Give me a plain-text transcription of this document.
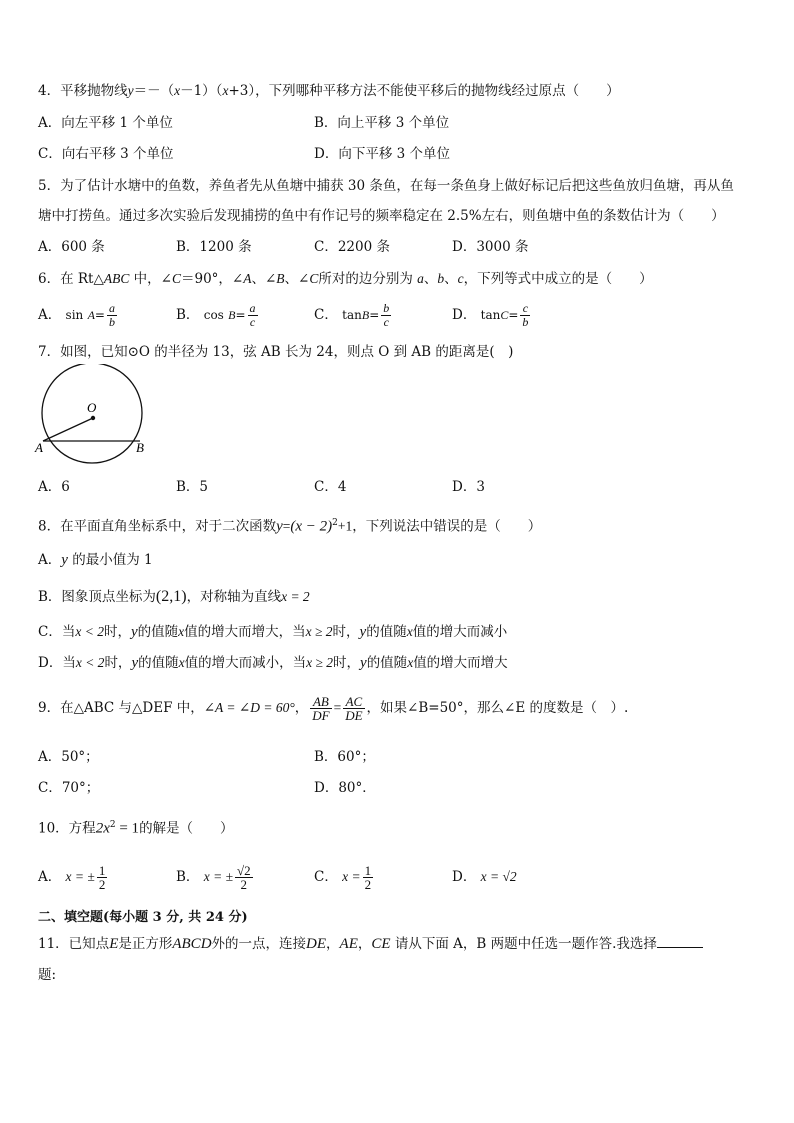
4．平移抛物线y＝－（x－1）（x+3），下列哪种平移方法不能使平移后的抛物线经过原点（　　）
A．向左平移 1 个单位	B．向上平移 3 个单位
C．向右平移 3 个单位	D．向下平移 3 个单位
5．为了估计水塘中的鱼数，养鱼者先从鱼塘中捕获 30 条鱼，在每一条鱼身上做好标记后把这些鱼放归鱼塘，再从鱼
塘中打捞鱼。通过多次实验后发现捕捞的鱼中有作记号的频率稳定在 2.5%左右，则鱼塘中鱼的条数估计为（　　）
A．600 条	B．1200 条	C．2200 条	D．3000 条
6．在 Rt△ABC 中，∠C＝90°，∠A、∠B、∠C所对的边分别为 a、b、c，下列等式中成立的是（　　）
A．
sin
$A = \frac{a}{b}$	B．
cos
$B = \frac{a}{c}$	C．
$\tan B = \frac{b}{c}$	D．
$\tan C = \frac{c}{b}$
7．如图，已知⊙O 的半径为 13，弦 AB 长为 24，则点 O 到 AB 的距离是(　)
O
A	B
A．6	B．5	C．4	D．3
8．在平面直角坐标系中，对于二次函数$y=(x - 2)^2+1$，下列说法中错误的是（　　）
A．y 的最小值为 1
B．图象顶点坐标为(2,1)，对称轴为直线x = 2
C．当x < 2时，y的值随x值的增大而增大，当x ≥ 2时，y的值随x值的增大而减小
D．当x < 2时，y的值随x值的增大而减小，当x ≥ 2时，y的值随x值的增大而增大
9．在△ABC 与△DEF 中， ∠A = ∠D = 60° ， $\frac{AB}{DF} = \frac{AC}{DE}$ ，如果∠B=50°，那么∠E 的度数是（　）.
A．50°；	B．60°；
C．70°；	D．80°．
10．方程$2x^2 = 1$的解是（　　）
A．
x = ± $\frac{1}{2}$	B．
x = ± $\frac{√2}{2}$	C．
$x = \frac{1}{2}$	D． x = √2
二、填空题(每小题 3 分, 共 24 分)
11．已知点E是正方形ABCD外的一点，连接DE，AE，CE 请从下面 A，B 两题中任选一题作答.我选择
题:
